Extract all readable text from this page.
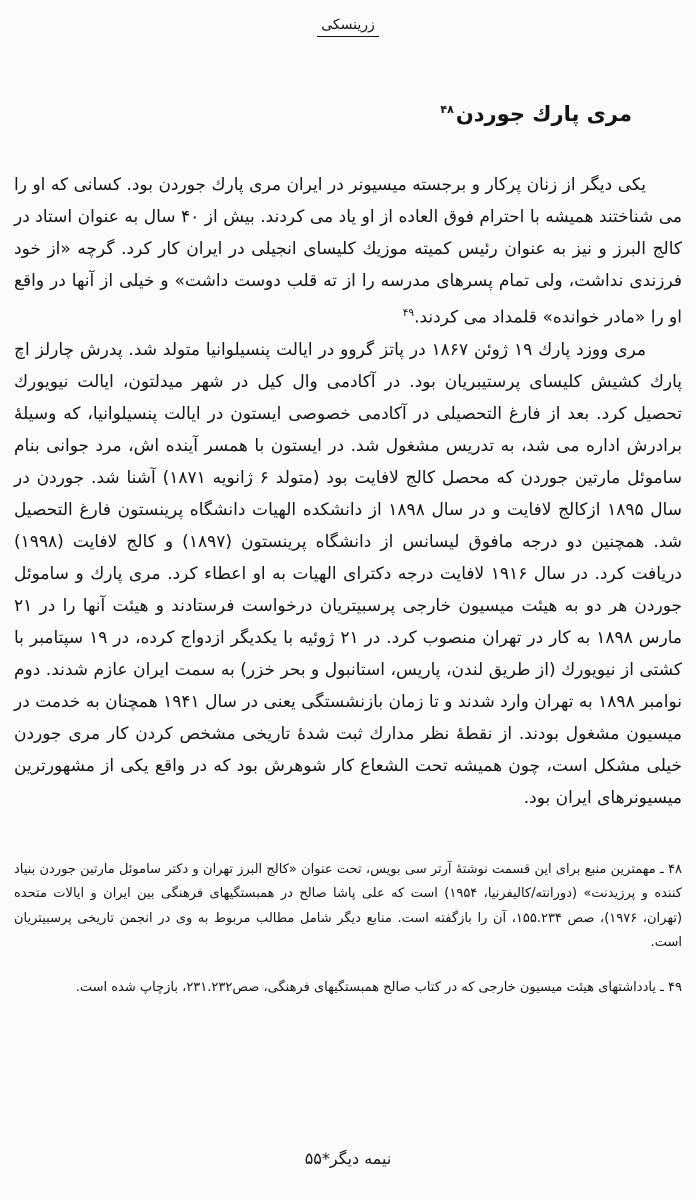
زرينسكى
مرى پارك جوردن$^{۴۸}$

يكى ديگر از زنان پركار و برجسته ميسيونر در ايران مرى پارك جوردن بود. كسانى كه او را مى شناختند هميشه با احترام فوق العاده از او ياد مى كردند. بيش از ۴۰ سال به عنوان استاد در كالج البرز و نيز به عنوان رئيس كميته موزيك كليساى انجيلى در ايران كار كرد. گرچه «از خود فرزندى نداشت، ولى تمام پسرهاى مدرسه را از ته قلب دوست داشت» و خيلى از آنها در واقع او را «مادر خوانده» قلمداد مى كردند.$^{۴۹}$

مرى ووزد پارك ۱۹ ژوئن ۱۸۶۷ در پاتز گروو در ايالت پنسيلوانيا متولد شد. پدرش چارلز اچ پارك كشيش كليساى پرستيبريان بود. در آكادمى وال كيل در شهر ميدلتون، ايالت نيويورك تحصيل كرد. بعد از فارغ التحصيلى در آكادمى خصوصى ايستون در ايالت پنسيلوانيا، كه وسيلهٔ برادرش اداره مى شد، به تدريس مشغول شد. در ايستون با همسر آينده اش، مرد جوانى بنام ساموئل مارتين جوردن كه محصل كالج لافايت بود (متولد ۶ ژانويه ۱۸۷۱) آشنا شد. جوردن در سال ۱۸۹۵ ازكالج لافايت و در سال ۱۸۹۸ از دانشكده الهيات دانشگاه پرينستون فارغ التحصيل شد. همچنين دو درجه مافوق ليسانس از دانشگاه پرينستون (۱۸۹۷) و كالج لافايت (۱۹۹۸) دريافت كرد. در سال ۱۹۱۶ لافايت درجه دكتراى الهيات به او اعطاء كرد. مرى پارك و ساموئل جوردن هر دو به هيئت ميسيون خارجى پرسبيتريان درخواست فرستادند و هيئت آنها را در ۲۱ مارس ۱۸۹۸ به كار در تهران منصوب كرد. در ۲۱ ژوئيه با يكديگر ازدواج كرده، در ۱۹ سپتامبر با كشتى از نيويورك (از طريق لندن، پاريس، استانبول و بحر خزر) به سمت ايران عازم شدند. دوم نوامبر ۱۸۹۸ به تهران وارد شدند و تا زمان بازنشستگى يعنى در سال ۱۹۴۱ همچنان به خدمت در ميسيون مشغول بودند. از نقطهٔ نظر مدارك ثبت شدهٔ تاريخى مشخص كردن كار مرى جوردن خيلى مشكل است، چون هميشه تحت الشعاع كار شوهرش بود كه در واقع يكى از مشهورترين ميسيونرهاى ايران بود.

۴۸ ـ مهمترين منبع براى اين قسمت نوشتهٔ آرتر سى بويس، تحت عنوان «كالج البرز تهران و دكتر ساموئل مارتين جوردن بنياد كننده و پرزيدنت» (دورانته/كاليفرنيا، ۱۹۵۴) است كه على پاشا صالح در همبستگيهاى فرهنگى بين ايران و ايالات متحده (تهران، ۱۹۷۶)، صص ۱۵۵.۲۳۴، آن را بازگفته است. منابع ديگر شامل مطالب مربوط به وى در انجمن تاريخى پرسبيتريان است.

۴۹ ـ يادداشتهاى هيئت ميسيون خارجى كه در كتاب صالح همبستگيهاى فرهنگى، صص۲۳۱.۲۳۲، بازچاپ شده است.

نيمه ديگر*۵۵
